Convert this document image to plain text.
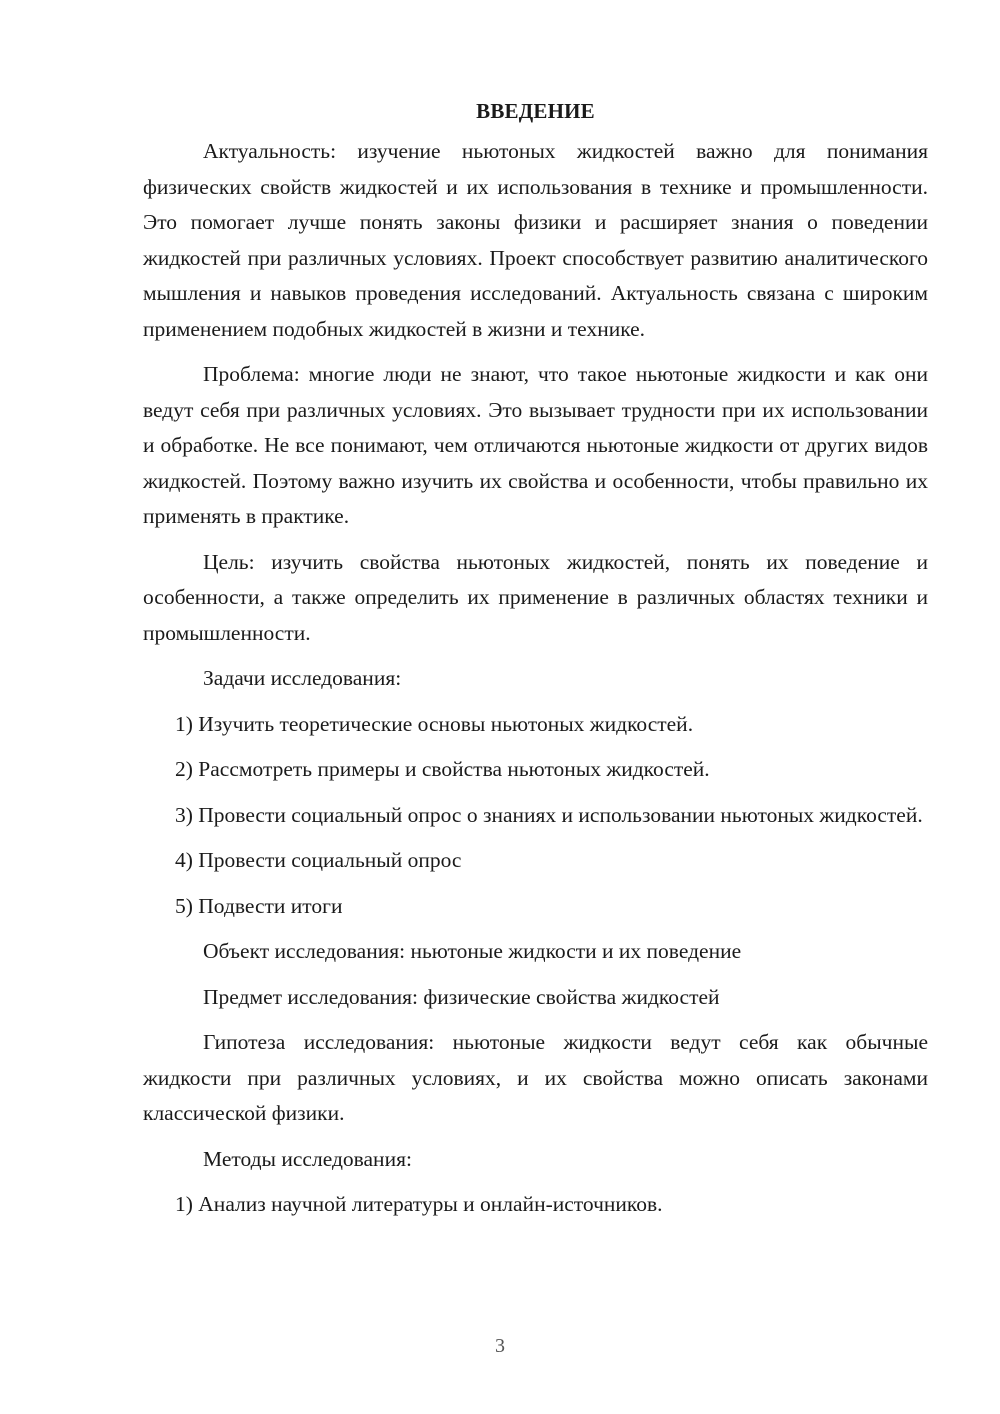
ВВЕДЕНИЕ

Актуальность: изучение ньютоных жидкостей важно для понимания физических свойств жидкостей и их использования в технике и промышленности. Это помогает лучше понять законы физики и расширяет знания о поведении жидкостей при различных условиях. Проект способствует развитию аналитического мышления и навыков проведения исследований. Актуальность связана с широким применением подобных жидкостей в жизни и технике.

Проблема: многие люди не знают, что такое ньютоные жидкости и как они ведут себя при различных условиях. Это вызывает трудности при их использовании и обработке. Не все понимают, чем отличаются ньютоные жидкости от других видов жидкостей. Поэтому важно изучить их свойства и особенности, чтобы правильно их применять в практике.

Цель: изучить свойства ньютоных жидкостей, понять их поведение и особенности, а также определить их применение в различных областях техники и промышленности.

Задачи исследования:

1) Изучить теоретические основы ньютоных жидкостей.

2) Рассмотреть примеры и свойства ньютоных жидкостей.

3) Провести социальный опрос о знаниях и использовании ньютоных жидкостей.

4) Провести социальный опрос

5) Подвести итоги

Объект исследования: ньютоные жидкости и их поведение

Предмет исследования: физические свойства жидкостей

Гипотеза исследования: ньютоные жидкости ведут себя как обычные жидкости при различных условиях, и их свойства можно описать законами классической физики.

Методы исследования:

1) Анализ научной литературы и онлайн-источников.

3
